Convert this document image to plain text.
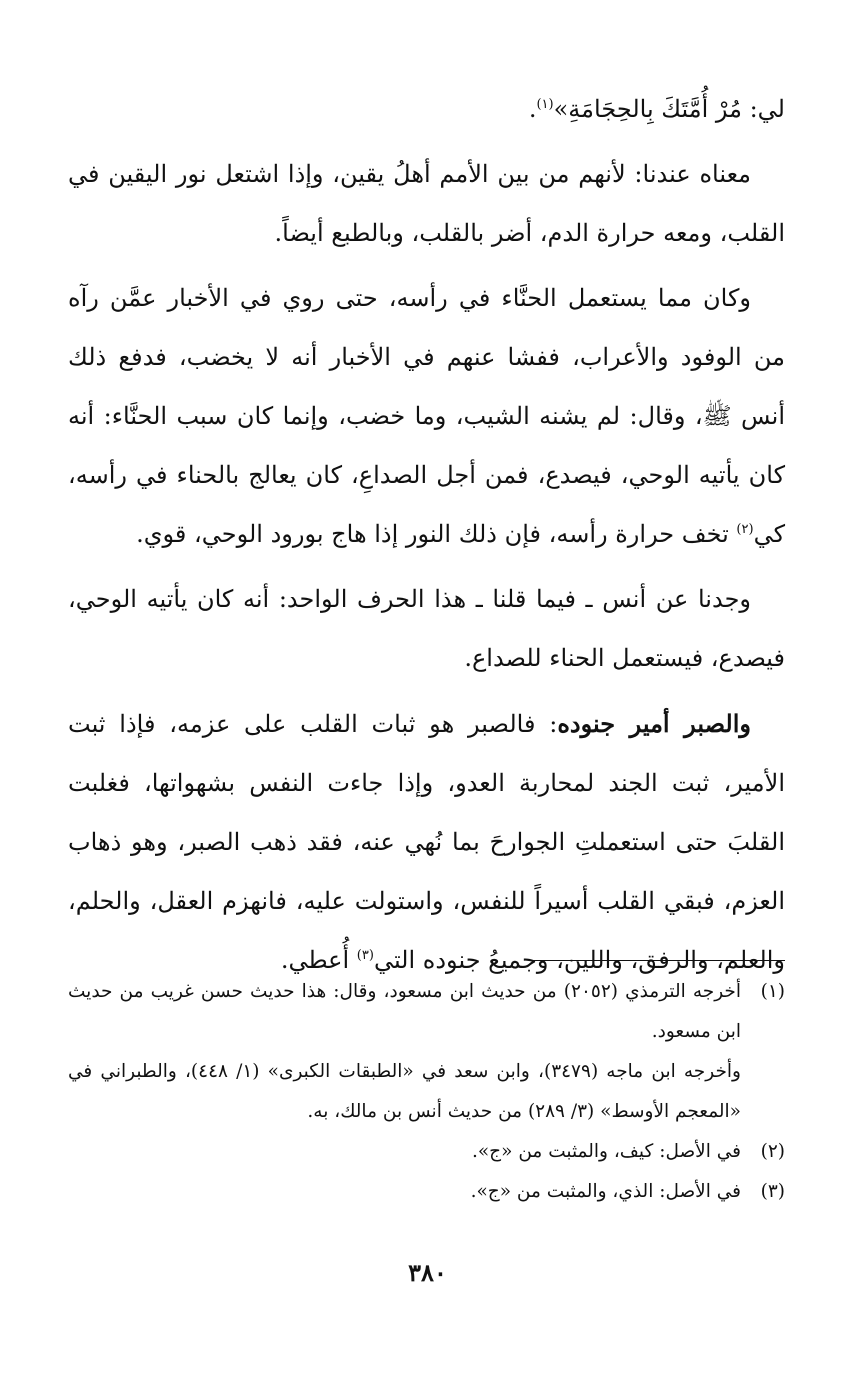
لي: مُرْ أُمَّتَكَ بِالحِجَامَةِ»$^{(١)}$.

معناه عندنا: لأنهم من بين الأمم أهلُ يقين، وإذا اشتعل نور اليقين في القلب، ومعه حرارة الدم، أضر بالقلب، وبالطبع أيضاً.

وكان مما يستعمل الحنَّاء في رأسه، حتى روي في الأخبار عمَّن رآه من الوفود والأعراب، ففشا عنهم في الأخبار أنه لا يخضب، فدفع ذلك أنس ﷺ، وقال: لم يشنه الشيب، وما خضب، وإنما كان سبب الحنَّاء: أنه كان يأتيه الوحي، فيصدع، فمن أجل الصداعِ، كان يعالج بالحناء في رأسه، كي$^{(٢)}$ تخف حرارة رأسه، فإن ذلك النور إذا هاج بورود الوحي، قوي.

وجدنا عن أنس ـ فيما قلنا ـ هذا الحرف الواحد: أنه كان يأتيه الوحي، فيصدع، فيستعمل الحناء للصداع.

والصبر أمير جنوده: فالصبر هو ثبات القلب على عزمه، فإذا ثبت الأمير، ثبت الجند لمحاربة العدو، وإذا جاءت النفس بشهواتها، فغلبت القلبَ حتى استعملتِ الجوارحَ بما نُهي عنه، فقد ذهب الصبر، وهو ذهاب العزم، فبقي القلب أسيراً للنفس، واستولت عليه، فانهزم العقل، والحلم، والعلم، والرفق، واللين، وجميعُ جنوده التي$^{(٣)}$ أُعطي.

(١)
أخرجه الترمذي (٢٠٥٢) من حديث ابن مسعود، وقال: هذا حديث حسن غريب من حديث ابن مسعود.
وأخرجه ابن ماجه (٣٤٧٩)، وابن سعد في «الطبقات الكبرى» (١/ ٤٤٨)، والطبراني في «المعجم الأوسط» (٣/ ٢٨٩) من حديث أنس بن مالك، به.
(٢)
في الأصل: كيف، والمثبت من «ج».
(٣)
في الأصل: الذي، والمثبت من «ج».
٣٨٠
